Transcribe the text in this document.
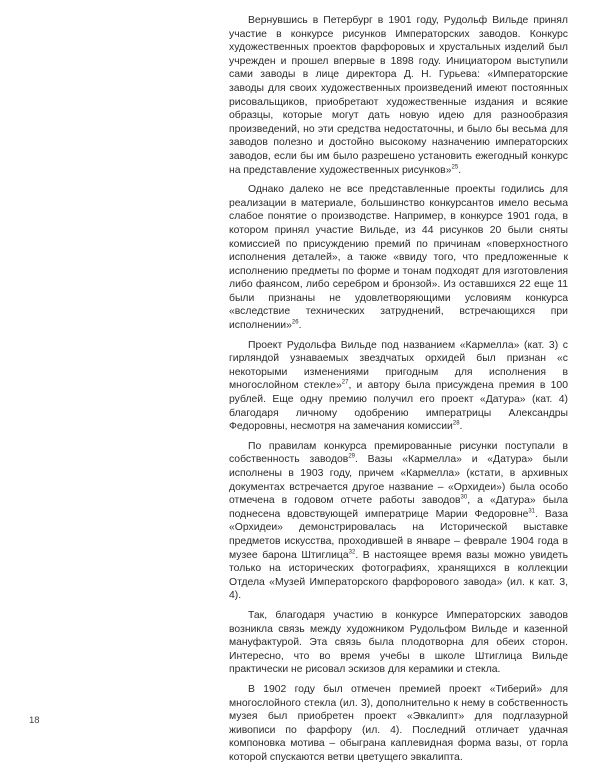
Вернувшись в Петербург в 1901 году, Рудольф Вильде принял участие в конкурсе рисунков Императорских заводов. Конкурс художественных проектов фарфоровых и хрустальных изделий был учрежден и прошел впервые в 1898 году. Инициатором выступили сами заводы в лице директора Д. Н. Гурьева: «Императорские заводы для своих художественных произведений имеют постоянных рисовальщиков, приобретают художественные издания и всякие образцы, которые могут дать новую идею для разнообразия произведений, но эти средства недостаточны, и было бы весьма для заводов полезно и достойно высокому назначению императорских заводов, если бы им было разрешено установить ежегодный конкурс на представление художественных рисунков»$^{25}$.

Однако далеко не все представленные проекты годились для реализации в материале, большинство конкурсантов имело весьма слабое понятие о производстве. Например, в конкурсе 1901 года, в котором принял участие Вильде, из 44 рисунков 20 были сняты комиссией по присуждению премий по причинам «поверхностного исполнения деталей», а также «ввиду того, что предложенные к исполнению предметы по форме и тонам подходят для изготовления либо фаянсом, либо серебром и бронзой». Из оставшихся 22 еще 11 были признаны не удовлетворяющими условиям конкурса «вследствие технических затруднений, встречающихся при исполнении»$^{26}$.

Проект Рудольфа Вильде под названием «Кармелла» (кат. 3) с гирляндой узнаваемых звездчатых орхидей был признан «с некоторыми изменениями пригодным для исполнения в многослойном стекле»$^{27}$, и автору была присуждена премия в 100 рублей. Еще одну премию получил его проект «Датура» (кат. 4) благодаря личному одобрению императрицы Александры Федоровны, несмотря на замечания комиссии$^{28}$.

По правилам конкурса премированные рисунки поступали в собственность заводов$^{29}$. Вазы «Кармелла» и «Датура» были исполнены в 1903 году, причем «Кармелла» (кстати, в архивных документах встречается другое название – «Орхидеи») была особо отмечена в годовом отчете работы заводов$^{30}$, а «Датура» была поднесена вдовствующей императрице Марии Федоровне$^{31}$. Ваза «Орхидеи» демонстрировалась на Исторической выставке предметов искусства, проходившей в январе – феврале 1904 года в музее барона Штиглица$^{32}$. В настоящее время вазы можно увидеть только на исторических фотографиях, хранящихся в коллекции Отдела «Музей Императорского фарфорового завода» (ил. к кат. 3, 4).

Так, благодаря участию в конкурсе Императорских заводов возникла связь между художником Рудольфом Вильде и казенной мануфактурой. Эта связь была плодотворна для обеих сторон. Интересно, что во время учебы в школе Штиглица Вильде практически не рисовал эскизов для керамики и стекла.

В 1902 году был отмечен премией проект «Тиберий» для многослойного стекла (ил. 3), дополнительно к нему в собственность музея был приобретен проект «Эвкалипт» для подглазурной живописи по фарфору (ил. 4). Последний отличает удачная компоновка мотива – обыграна каплевидная форма вазы, от горла которой спускаются ветви цветущего эвкалипта.

18
